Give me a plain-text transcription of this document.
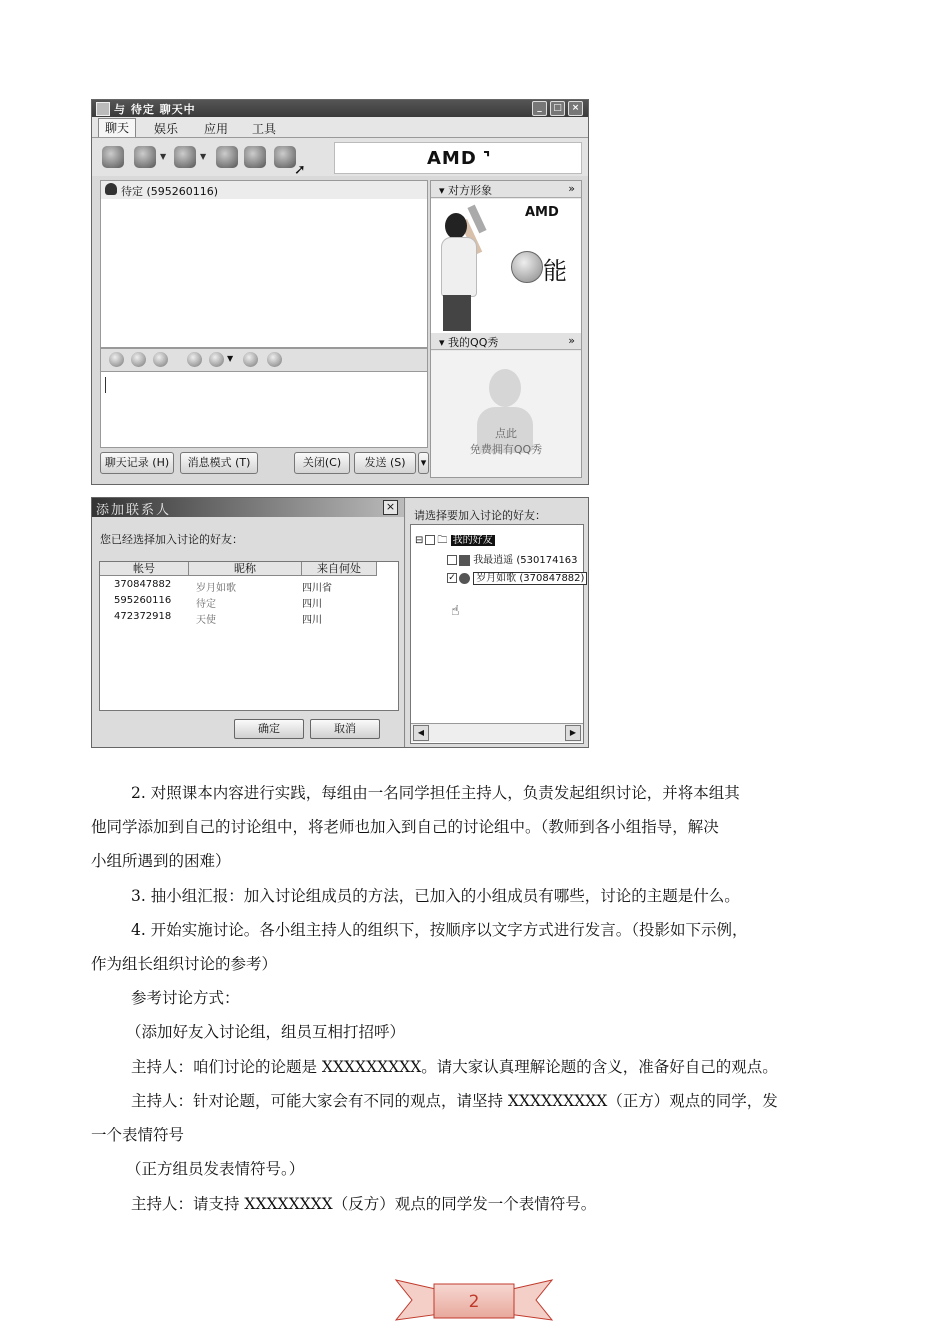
与 待定 聊天中	_	□	×
聊天	娱乐 应用 工具
▼	▼	AMD ⌝
➚
待定 (595260116)
▼
聊天记录 (H)	消息模式 (T)	关闭(C)	发送 (S)	▾
▾ 对方形象	»
AMD
能
▾ 我的QQ秀	»
点此
免费拥有QQ秀
添加联系人	×
您已经选择加入讨论的好友：
帐号	昵称	来自何处
370847882 岁月如歌	四川省
595260116 待定	四川
472372918 天使	四川
确定	取消
请选择要加入讨论的好友：
⊟ 🗀 我的好友
我最逍遥 (530174163
✓ 岁月如歌 (370847882)
☝
◀	▶
2. 对照课本内容进行实践，每组由一名同学担任主持人，负责发起组织讨论，并将本组其
他同学添加到自己的讨论组中，将老师也加入到自己的讨论组中。（教师到各小组指导，解决
小组所遇到的困难）
3. 抽小组汇报：加入讨论组成员的方法，已加入的小组成员有哪些，讨论的主题是什么。
4. 开始实施讨论。各小组主持人的组织下，按顺序以文字方式进行发言。（投影如下示例，
作为组长组织讨论的参考）
参考讨论方式：
（添加好友入讨论组，组员互相打招呼）
主持人：咱们讨论的论题是 XXXXXXXXX。请大家认真理解论题的含义，准备好自己的观点。
主持人：针对论题，可能大家会有不同的观点，请坚持 XXXXXXXXX（正方）观点的同学，发
一个表情符号
（正方组员发表情符号。）
主持人：请支持 XXXXXXXX（反方）观点的同学发一个表情符号。
2
